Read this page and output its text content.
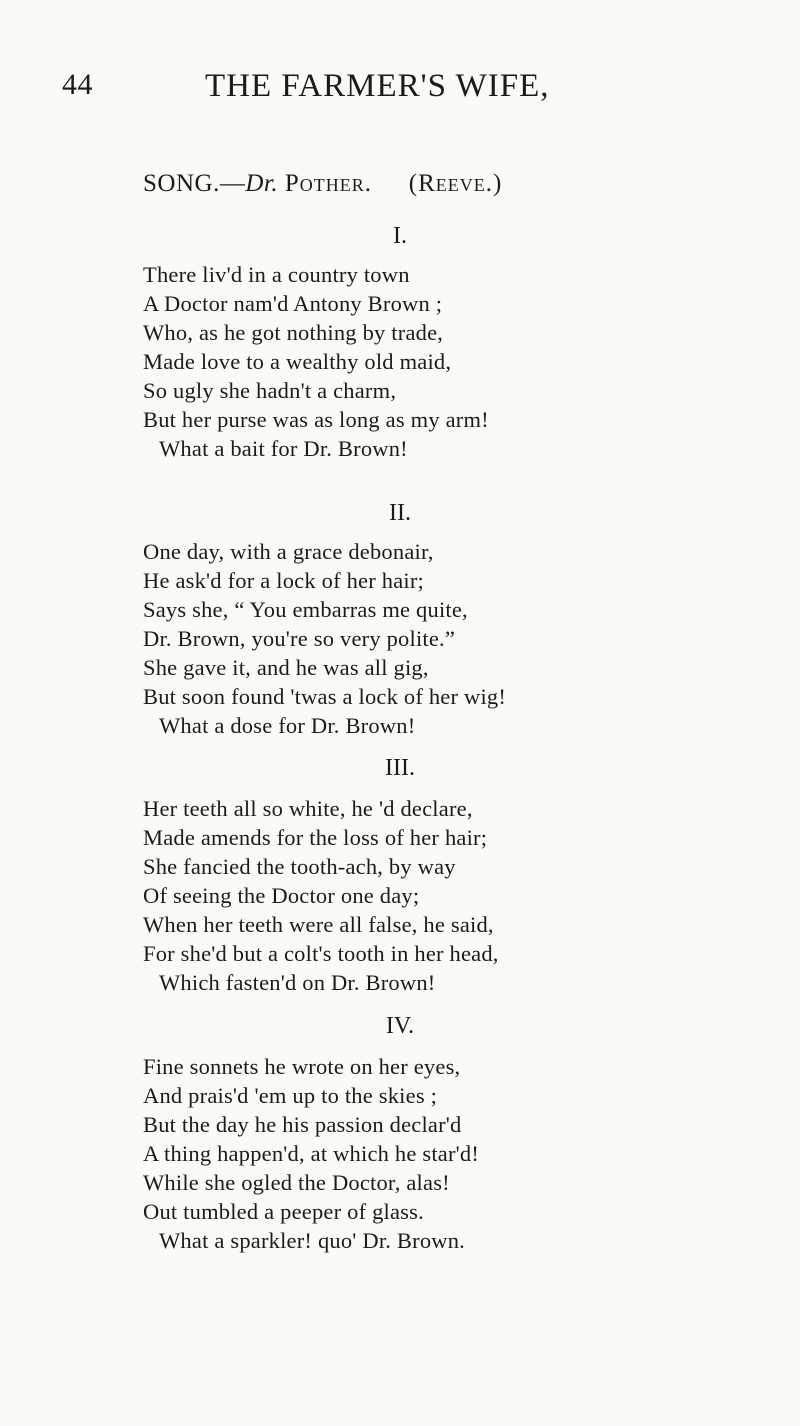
44	THE FARMER'S WIFE,
SONG.—Dr. Pother. (Reeve.)
I.
There liv'd in a country town
A Doctor nam'd Antony Brown ;
Who, as he got nothing by trade,
Made love to a wealthy old maid,
So ugly she hadn't a charm,
But her purse was as long as my arm!
What a bait for Dr. Brown!
II.
One day, with a grace debonair,
He ask'd for a lock of her hair;
Says she, “ You embarras me quite,
Dr. Brown, you're so very polite.”
She gave it, and he was all gig,
But soon found 'twas a lock of her wig!
What a dose for Dr. Brown!
III.
Her teeth all so white, he 'd declare,
Made amends for the loss of her hair;
She fancied the tooth-ach, by way
Of seeing the Doctor one day;
When her teeth were all false, he said,
For she'd but a colt's tooth in her head,
Which fasten'd on Dr. Brown!
IV.
Fine sonnets he wrote on her eyes,
And prais'd 'em up to the skies ;
But the day he his passion declar'd
A thing happen'd, at which he star'd!
While she ogled the Doctor, alas!
Out tumbled a peeper of glass.
What a sparkler! quo' Dr. Brown.
